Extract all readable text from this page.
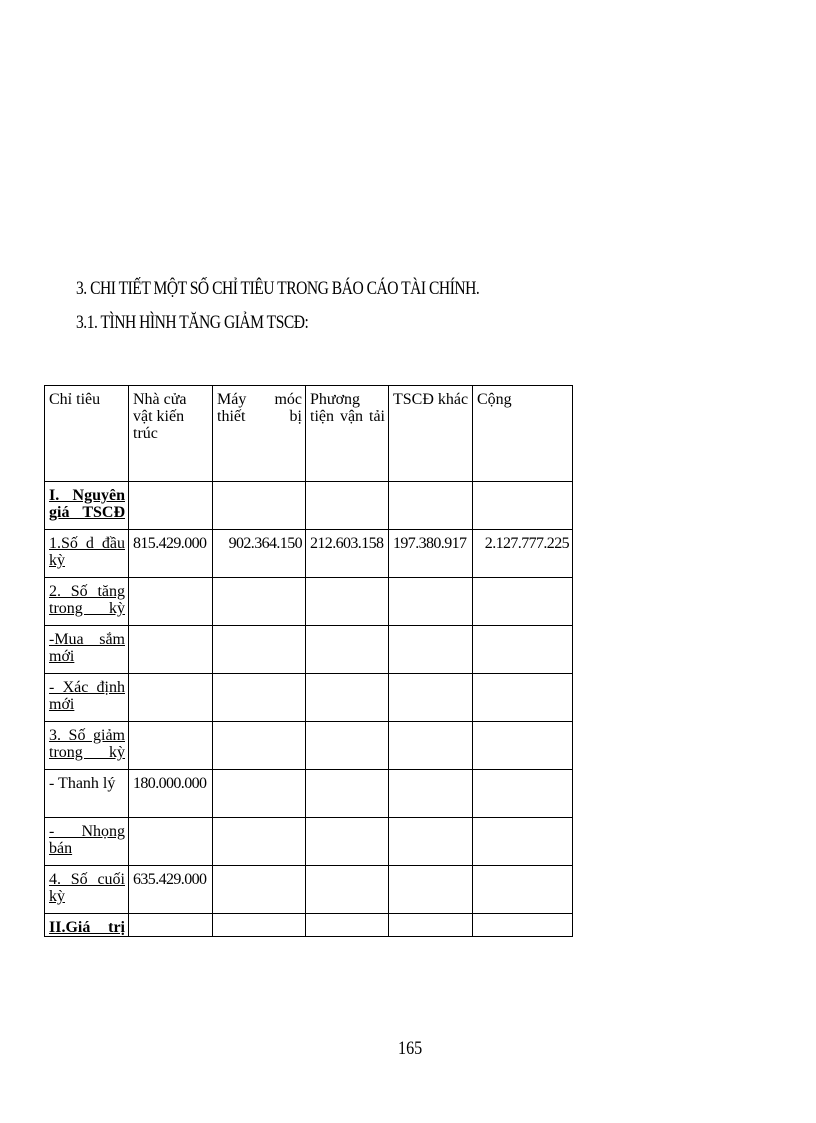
3. CHI TIẾT MỘT SỐ CHỈ TIÊU TRONG BÁO CÁO TÀI CHÍNH.
3.1. TÌNH HÌNH TĂNG GIẢM TSCĐ:
Chỉ tiêu	Nhà cửa vật kiến trúc	Máy móc thiết bị	Phương tiện vận tải	TSCĐ khác	Cộng
I. Nguyên giá TSCĐ					
1.Số d đầu kỳ	815.429.000	902.364.150	212.603.158	197.380.917	2.127.777.225
2. Số tăng trong kỳ					
-Mua sắm mới					
- Xác định mới					
3. Số giảm trong kỳ					
- Thanh lý	180.000.000				
- Nhọng bán					
4. Số cuối kỳ	635.429.000				
II.Giá trị					
165
